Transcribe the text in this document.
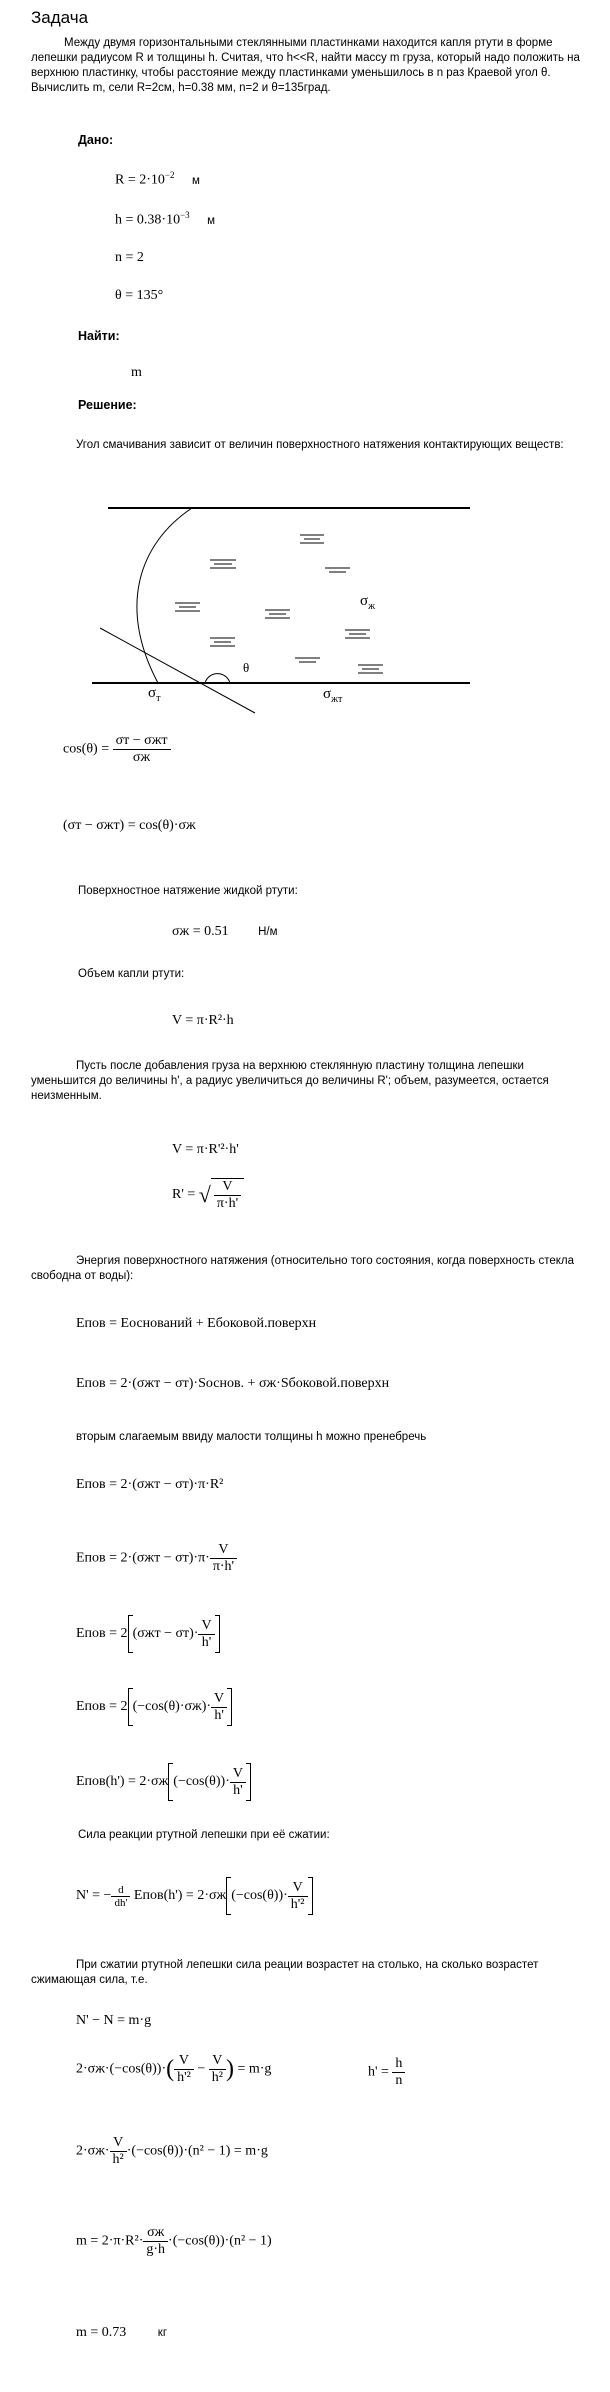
Задача
Между двумя горизонтальными стеклянными пластинками находится капля ртути в форме лепешки радиусом R и толщины h. Считая, что h<<R, найти массу m груза, который надо положить на верхнюю пластинку, чтобы расстояние между пластинками уменьшилось в n раз Краевой угол θ. Вычислить m, сели R=2см, h=0.38 мм, n=2 и θ=135град.
Дано:
$R = 2\cdot 10^{-2}$ м
$h = 0.38\cdot 10^{-3}$ м
n = 2
θ = 135°
Найти:
m
Решение:
Угол смачивания зависит от величин поверхностного натяжения контактирующих веществ:
$\sigma_ж$
θ
$\sigma_т$	$\sigma_{жт}$
cos(θ) =
σт − σжт
σж
(σт − σжт) = cos(θ)·σж
Поверхностное натяжение жидкой ртути:
σж = 0.51	Н/м
Объем капли ртути:
V = π·R²·h
Пусть после добавления груза на верхнюю стеклянную пластину толщина лепешки уменьшится до величины h', а радиус увеличиться до величины R'; объем, разумеется, остается неизменным.
V = π·R'²·h'
R' = √ $\frac{V}{\pi\cdot h'}$
Энергия поверхностного натяжения (относительно того состояния, когда поверхность стекла свободна от воды):
Eпов = Eоснований + Eбоковой.поверхн
Eпов = 2·(σжт − σт)·Sоснов. + σж·Sбоковой.поверхн
вторым слагаемым ввиду малости толщины h можно пренебречь
Eпов = 2·(σжт − σт)·π·R²
Eпов = $2\cdot(\sigma жт - \sigma т)\cdot\pi\cdot \frac{V}{\pi\cdot h'}$
Eпов = 2 $(\sigma жт - \sigma т)\cdot \frac{V}{h'}$
Eпов = 2 $(-\cos(\theta)\cdot\sigma ж)\cdot \frac{V}{h'}$
Eпов(h') = 2·σж $(-\cos(\theta))\cdot \frac{V}{h'}$
Сила реакции ртутной лепешки при её сжатии:
N' = − $\frac{d}{dh'}$ Eпов(h') = 2·σж $(-\cos(\theta))\cdot \frac{V}{\text{h'²}}$
При сжатии ртутной лепешки сила реации возрастет на столько, на сколько возрастет сжимающая сила, т.е.
N' − N = m·g
$2\cdot\sigma ж\cdot(-\cos(\theta))\cdot( \frac{V}{\text{h'²}} - \frac{V}{\text{h²}}$ ) = m·g	$h' = \frac{h}{n}$
$2\cdot\sigma ж\cdot \frac{V}{\text{h²}} \cdot(-\cos(\theta))\cdot(n^2 - 1) = m\cdot g$
m = 2·π·R²·
σж
g·h
·(−cos(θ))·(n² − 1)
m = 0.73	кг
